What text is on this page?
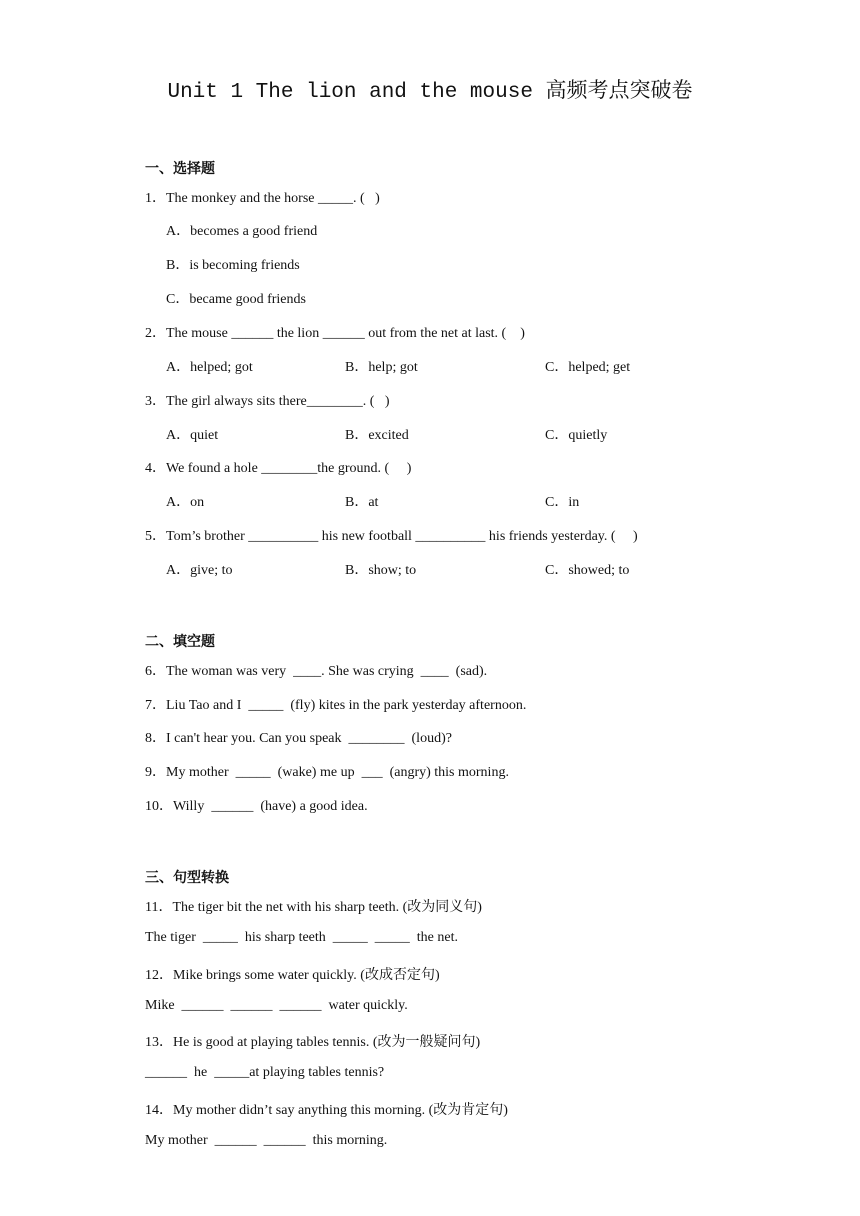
Unit 1 The lion and the mouse 高频考点突破卷
一、选择题
1．The monkey and the horse _____. (   )
A．becomes a good friend
B．is becoming friends
C．became good friends
2．The mouse ______ the lion ______ out from the net at last. (    )
A．helped; got	B．help; got	C．helped; get
3．The girl always sits there________. (   )
A．quiet	B．excited	C．quietly
4．We found a hole ________the ground. (     )
A．on	B．at	C．in
5．Tom’s brother __________ his new football __________ his friends yesterday. (     )
A．give; to	B．show; to	C．showed; to
二、填空题
6．The woman was very  ____. She was crying  ____  (sad).
7．Liu Tao and I  _____  (fly) kites in the park yesterday afternoon.
8．I can't hear you. Can you speak  ________  (loud)?
9．My mother  _____  (wake) me up  ___  (angry) this morning.
10．Willy  ______  (have) a good idea.
三、句型转换
11．The tiger bit the net with his sharp teeth. (改为同义句)
The tiger  _____  his sharp teeth  _____  _____  the net.
12．Mike brings some water quickly. (改成否定句)
Mike  ______  ______  ______  water quickly.
13．He is good at playing tables tennis. (改为一般疑问句)
______  he  _____at playing tables tennis?
14．My mother didn’t say anything this morning. (改为肯定句)
My mother  ______  ______  this morning.
